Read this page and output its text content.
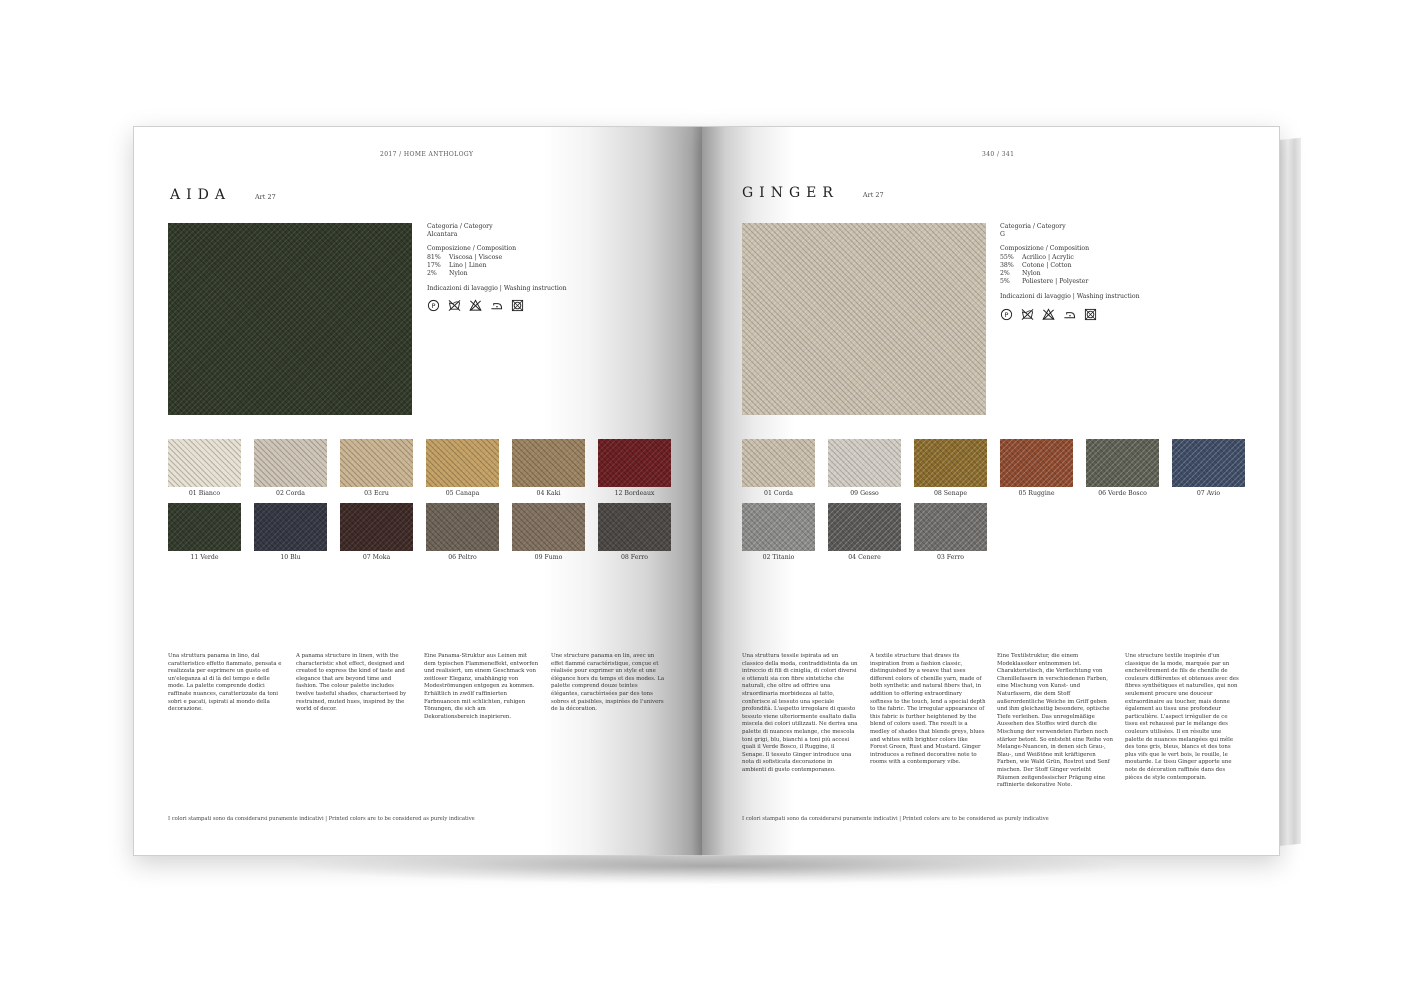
2017 / HOME ANTHOLOGY
AIDA	Art 27
Categoria / Category
Alcantara
Composizione / Composition
81%	Viscosa | Viscose
17%	Lino | Linen
2%	Nylon
Indicazioni di lavaggio | Washing instruction
P
01 Bianco	02 Corda	03 Ecru	05 Canapa	04 Kaki	12 Bordeaux
11 Verde	10 Blu	07 Moka	06 Peltro	09 Fumo	08 Ferro
Una struttura panama in lino, dal caratteristico effetto fiammato, pensata e realizzata per esprimere un gusto ed un'eleganza al di là del tempo e delle mode. La palette comprende dodici raffinate nuances, caratterizzate da toni sobri e pacati, ispirati al mondo della decorazione.
A panama structure in linen, with the characteristic shot effect, designed and created to express the kind of taste and elegance that are beyond time and fashion. The colour palette includes twelve tasteful shades, characterised by restrained, muted hues, inspired by the world of decor.
Eine Panama-Struktur aus Leinen mit dem typischen Flammeneffekt, entworfen und realisiert, um einem Geschmack von zeitloser Eleganz, unabhängig von Modeströmungen entgegen zu kommen. Erhältlich in zwölf raffinierten Farbnuancen mit schlichten, ruhigen Tönungen, die sich am Dekorationsbereich inspirieren.
Une structure panama en lin, avec un effet flammé caractéristique, conçue et réalisée pour exprimer un style et une élégance hors du temps et des modes. La palette comprend douze teintes élégantes, caractérisées par des tons sobres et paisibles, inspirées de l'univers de la décoration.
I colori stampati sono da considerarsi puramente indicativi | Printed colors are to be considered as purely indicative
340 / 341
GINGER	Art 27
Categoria / Category
G
Composizione / Composition
55%	Acrilico | Acrylic
38%	Cotone | Cotton
2%	Nylon
5%	Poliestere | Polyester
Indicazioni di lavaggio | Washing instruction
P
01 Corda	09 Gesso	08 Senape	05 Ruggine	06 Verde Bosco	07 Avio
02 Titanio	04 Cenere	03 Ferro
Una struttura tessile ispirata ad un classico della moda, contraddistinta da un intreccio di fili di ciniglia, di colori diversi e ottenuti sia con fibre sintetiche che naturali, che oltre ad offrire una straordinaria morbidezza al tatto, conferisce al tessuto una speciale profondità. L'aspetto irregolare di questo tessuto viene ulteriormente esaltato dalla miscela dei colori utilizzati. Ne deriva una palette di nuances melange, che mescola toni grigi, blu, bianchi a toni più accesi quali il Verde Bosco, il Ruggine, il Senape. Il tessuto Ginger introduce una nota di sofisticata decorazione in ambienti di gusto contemporaneo.
A textile structure that draws its inspiration from a fashion classic, distinguished by a weave that uses different colors of chenille yarn, made of both synthetic and natural fibers that, in addition to offering extraordinary softness to the touch, lend a special depth to the fabric. The irregular appearance of this fabric is further heightened by the blend of colors used. The result is a medley of shades that blends greys, blues and whites with brighter colors like Forest Green, Rust and Mustard. Ginger introduces a refined decorative note to rooms with a contemporary vibe.
Eine Textilstruktur, die einem Modeklassiker entnommen ist. Charakteristisch, die Verflechtung von Chenillefasern in verschiedenen Farben, eine Mischung von Kunst- und Naturfasern, die dem Stoff außerordentliche Weiche im Griff geben und ihm gleichzeitig besondere, optische Tiefe verleihen. Das unregelmäßige Aussehen des Stoffes wird durch die Mischung der verwendeten Farben noch stärker betont. So entsteht eine Reihe von Melange-Nuancen, in denen sich Grau-, Blau-, und Weißtöne mit kräftigeren Farben, wie Wald Grün, Rostrot und Senf mischen. Der Stoff Ginger verleiht Räumen zeitgenössischer Prägung eine raffinierte dekorative Note.
Une structure textile inspirée d'un classique de la mode, marquée par un enchevêtrement de fils de chenille de couleurs différentes et obtenues avec des fibres synthétiques et naturelles, qui non seulement procure une douceur extraordinaire au toucher, mais donne également au tissu une profondeur particulière. L'aspect irrégulier de ce tissu est rehaussé par le mélange des couleurs utilisées. Il en résulte une palette de nuances melangées qui mêle des tons gris, bleus, blancs et des tons plus vifs que le vert bois, le rouille, le moutarde. Le tissu Ginger apporte une note de décoration raffinée dans des pièces de style contemporain.
I colori stampati sono da considerarsi puramente indicativi | Printed colors are to be considered as purely indicative
